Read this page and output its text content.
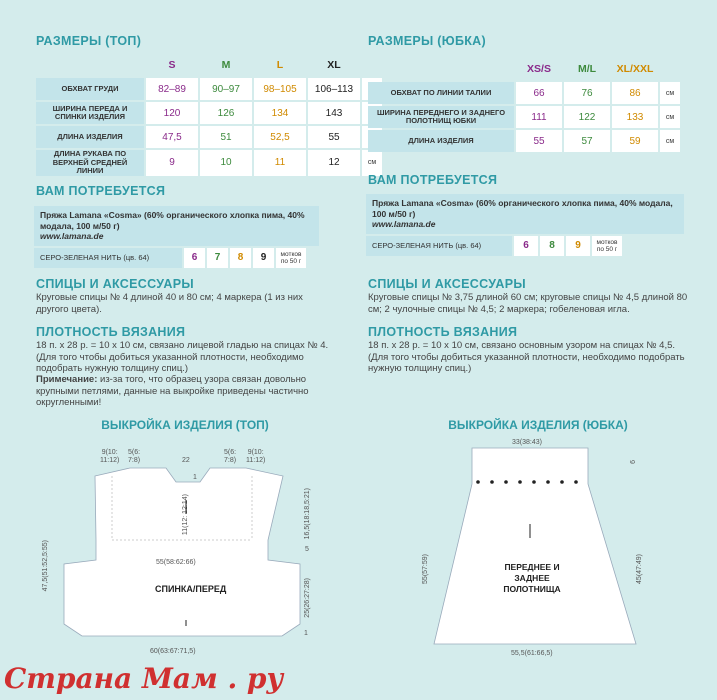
РАЗМЕРЫ (ТОП)
	S	M	L	XL	
ОБХВАТ ГРУДИ	82–89	90–97	98–105	106–113	
ШИРИНА ПЕРЕДА И СПИНКИ ИЗДЕЛИЯ	120	126	134	143	
ДЛИНА ИЗДЕЛИЯ	47,5	51	52,5	55	
ДЛИНА РУКАВА ПО ВЕРХНЕЙ СРЕДНЕЙ ЛИНИИ	9	10	11	12	см
ВАМ ПОТРЕБУЕТСЯ
Пряжа Lamana «Cosma» (60% органического хлопка пима, 40% модала, 100 м/50 г)
www.lamana.de
СЕРО-ЗЕЛЕНАЯ НИТЬ
(цв. 64)	6	7	8	9	мотков по 50 г
СПИЦЫ И АКСЕССУАРЫ
Круговые спицы № 4 длиной 40 и 80 см; 4 маркера (1 из них другого цвета).
ПЛОТНОСТЬ ВЯЗАНИЯ
18 п. х 28 р. = 10 х 10 см, связано лицевой гладью на спицах № 4. (Для того чтобы добиться указанной плотности, необходимо подобрать нужную толщину спиц.)
Примечание: из-за того, что образец узора связан довольно крупными петлями, данные на выкройке приведены частично округленными!
ВЫКРОЙКА ИЗДЕЛИЯ (ТОП)
9(10:
11:12)
5(6:
7:8)	22
5(6:
7:8)
9(10:
11:12)
1
11(12: 12:14)	16,5(18:18,5:21)
5
55(58:62:66)
СПИНКА/ПЕРЕД
47,5(51:52,5:55)
25(26:27:28)
60(63:67:71,5)
1
РАЗМЕРЫ (ЮБКА)
	XS/S	M/L	XL/XXL	
ОБХВАТ ПО ЛИНИИ ТАЛИИ	66	76	86	см
ШИРИНА ПЕРЕДНЕГО И ЗАДНЕГО ПОЛОТНИЩ ЮБКИ	111	122	133	см
ДЛИНА ИЗДЕЛИЯ	55	57	59	см
ВАМ ПОТРЕБУЕТСЯ
Пряжа Lamana «Cosma» (60% органического хлопка пима, 40% модала, 100 м/50 г)
www.lamana.de
СЕРО-ЗЕЛЕНАЯ НИТЬ
(цв. 64)	6	8	9	мотков по 50 г
СПИЦЫ И АКСЕССУАРЫ
Круговые спицы № 3,75 длиной 60 см; круговые спицы № 4,5 длиной 80 см; 2 чулочные спицы № 4,5; 2 маркера; гобеленовая игла.
ПЛОТНОСТЬ ВЯЗАНИЯ
18 п. х 28 р. = 10 х 10 см, связано основным узором на спицах № 4,5. (Для того чтобы добиться указанной плотности, необходимо подобрать нужную толщину спиц.)
ВЫКРОЙКА ИЗДЕЛИЯ (ЮБКА)
33(38:43)
6
ПЕРЕДНЕЕ И ЗАДНЕЕ
ПОЛОТНИЩА
55(57:59)	45(47:49)
55,5(61:66,5)
Страна Мам . ру
